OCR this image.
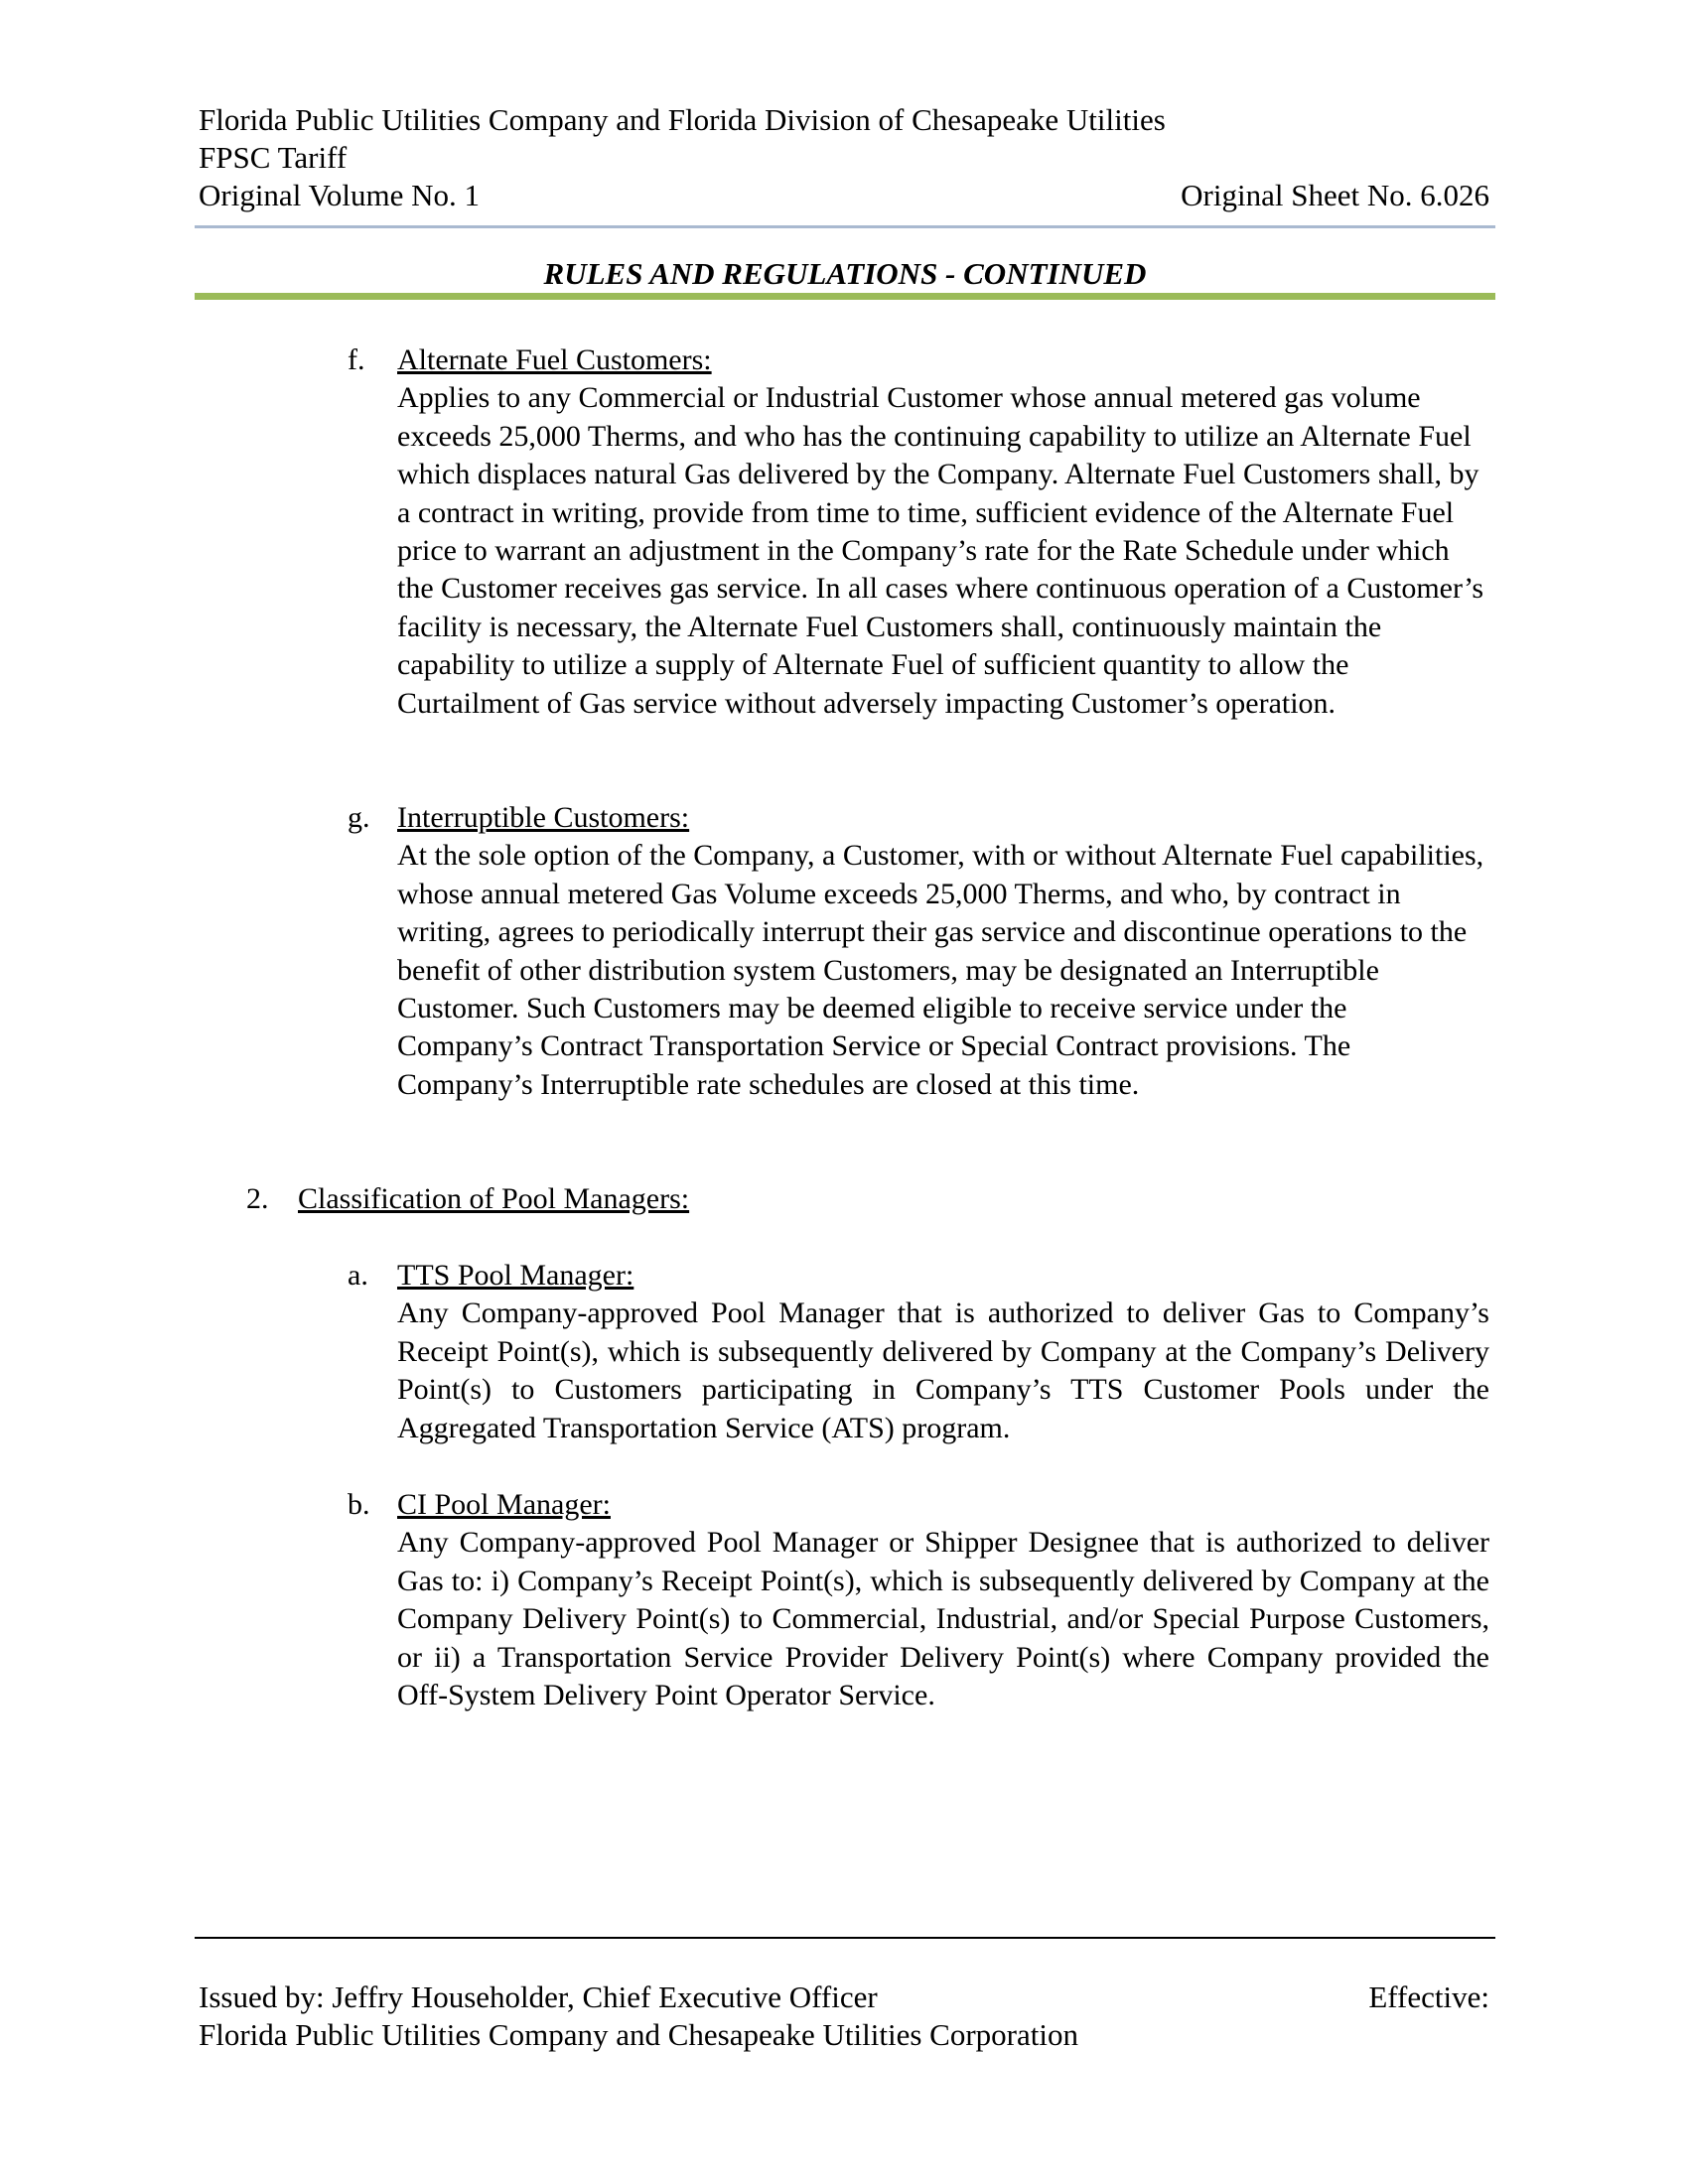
Florida Public Utilities Company and Florida Division of Chesapeake Utilities
FPSC Tariff
Original Volume No. 1	Original Sheet No. 6.026
RULES AND REGULATIONS - CONTINUED
f. Alternate Fuel Customers:

Applies to any Commercial or Industrial Customer whose annual metered gas volume exceeds 25,000 Therms, and who has the continuing capability to utilize an Alternate Fuel which displaces natural Gas delivered by the Company. Alternate Fuel Customers shall, by a contract in writing, provide from time to time, sufficient evidence of the Alternate Fuel price to warrant an adjustment in the Company’s rate for the Rate Schedule under which the Customer receives gas service. In all cases where continuous operation of a Customer’s facility is necessary, the Alternate Fuel Customers shall, continuously maintain the capability to utilize a supply of Alternate Fuel of sufficient quantity to allow the Curtailment of Gas service without adversely impacting Customer’s operation.

g. Interruptible Customers:

At the sole option of the Company, a Customer, with or without Alternate Fuel capabilities, whose annual metered Gas Volume exceeds 25,000 Therms, and who, by contract in writing, agrees to periodically interrupt their gas service and discontinue operations to the benefit of other distribution system Customers, may be designated an Interruptible Customer. Such Customers may be deemed eligible to receive service under the Company’s Contract Transportation Service or Special Contract provisions. The Company’s Interruptible rate schedules are closed at this time.

2. Classification of Pool Managers:
a. TTS Pool Manager:

Any Company-approved Pool Manager that is authorized to deliver Gas to Company’s Receipt Point(s), which is subsequently delivered by Company at the Company’s Delivery Point(s) to Customers participating in Company’s TTS Customer Pools under the Aggregated Transportation Service (ATS) program.

b. CI Pool Manager:

Any Company-approved Pool Manager or Shipper Designee that is authorized to deliver Gas to: i) Company’s Receipt Point(s), which is subsequently delivered by Company at the Company Delivery Point(s) to Commercial, Industrial, and/or Special Purpose Customers, or ii) a Transportation Service Provider Delivery Point(s) where Company provided the Off-System Delivery Point Operator Service.

Issued by: Jeffry Householder, Chief Executive Officer	Effective:
Florida Public Utilities Company and Chesapeake Utilities Corporation
